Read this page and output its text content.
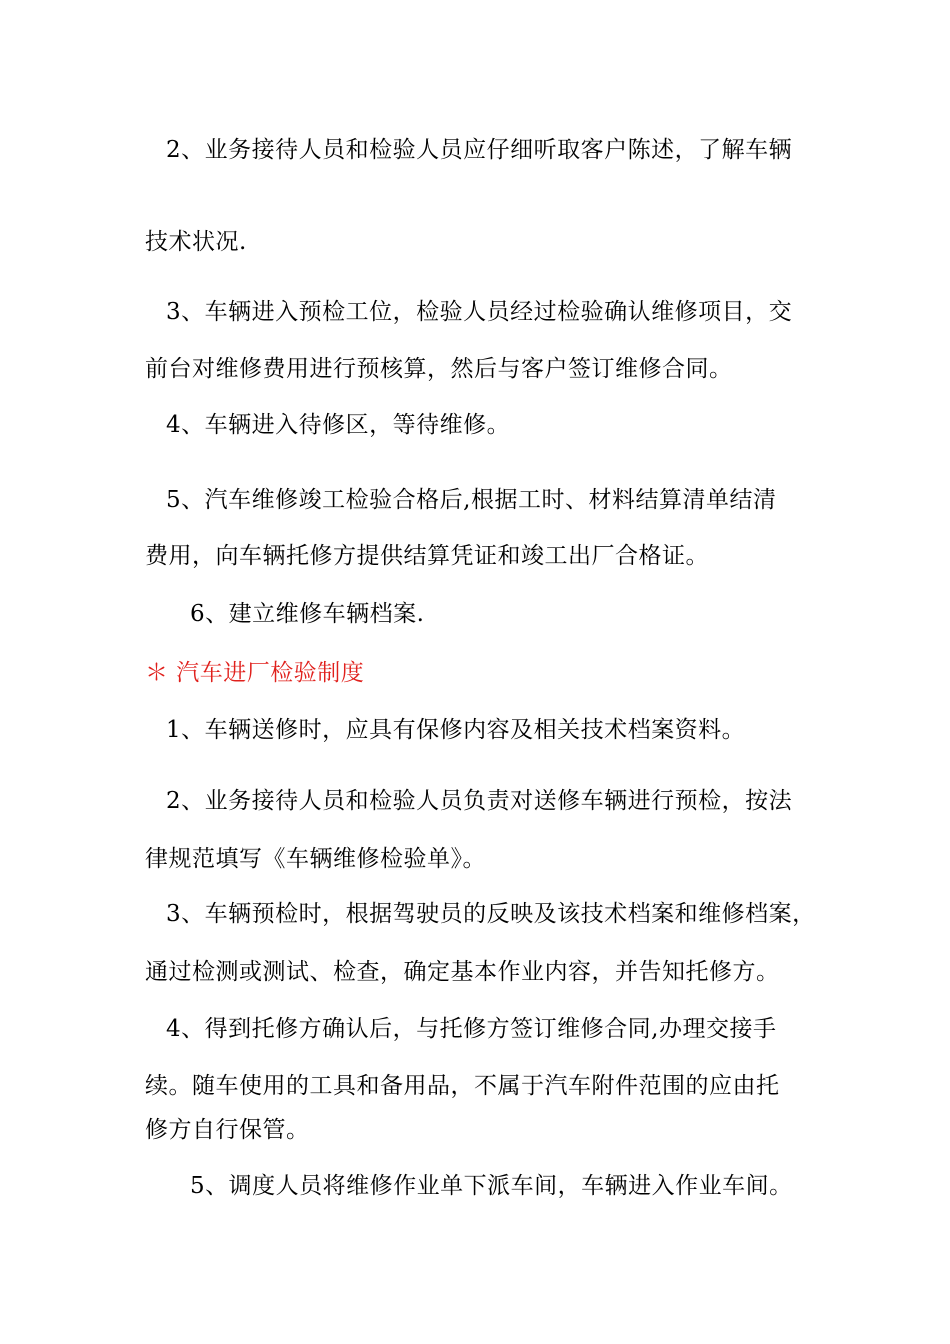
2、业务接待人员和检验人员应仔细听取客户陈述，了解车辆
技术状况.
3、车辆进入预检工位，检验人员经过检验确认维修项目，交
前台对维修费用进行预核算，然后与客户签订维修合同。
4、车辆进入待修区，等待维修。
5、汽车维修竣工检验合格后,根据工时、材料结算清单结清
费用，向车辆托修方提供结算凭证和竣工出厂合格证。
6、建立维修车辆档案.
＊ 汽车进厂检验制度
1、车辆送修时，应具有保修内容及相关技术档案资料。
2、业务接待人员和检验人员负责对送修车辆进行预检，按法
律规范填写《车辆维修检验单》。
3、车辆预检时，根据驾驶员的反映及该技术档案和维修档案，
通过检测或测试、检查，确定基本作业内容，并告知托修方。
4、得到托修方确认后，与托修方签订维修合同,办理交接手
续。随车使用的工具和备用品，不属于汽车附件范围的应由托
修方自行保管。
5、调度人员将维修作业单下派车间，车辆进入作业车间。
